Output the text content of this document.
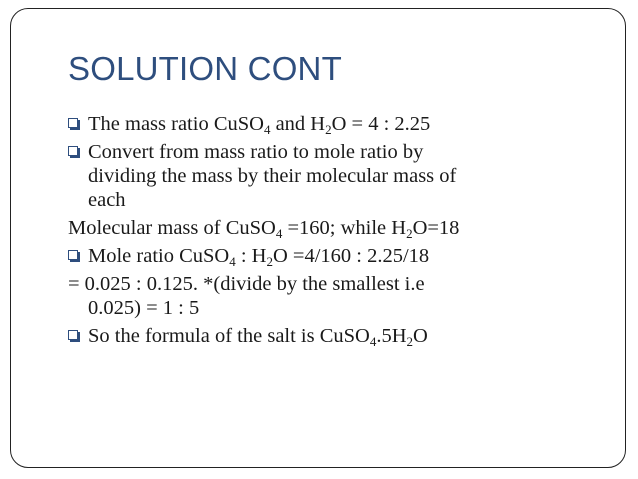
SOLUTION CONT
The mass ratio CuSO$_4$ and $H_2O = 4$ : 2.25
Convert from mass ratio to mole ratio by
dividing the mass by their molecular mass of
each
Molecular mass of CuSO$_4$ =160; while $H_2O=18$
Mole ratio CuSO$_4$ : $H_2O =4/160$ : 2.25/18
= 0.025 : 0.125. *(divide by the smallest i.e
0.025) = 1 : 5
So the formula of the salt is $CuSO_4.5H_2O$
